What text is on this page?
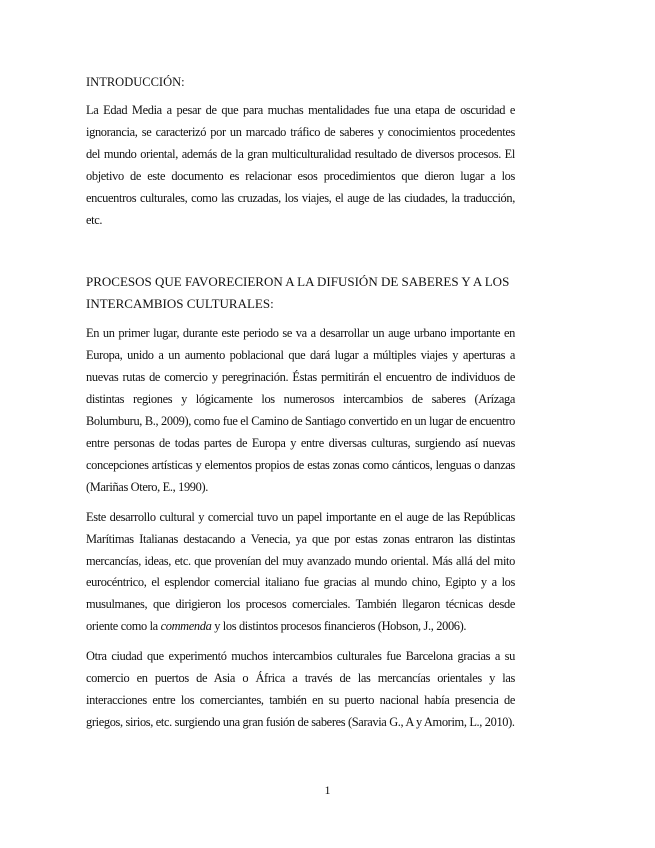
INTRODUCCIÓN:

La Edad Media a pesar de que para muchas mentalidades fue una etapa de oscuridad e ignorancia, se caracterizó por un marcado tráfico de saberes y conocimientos procedentes del mundo oriental, además de la gran multiculturalidad resultado de diversos procesos. El objetivo de este documento es relacionar esos procedimientos que dieron lugar a los encuentros culturales, como las cruzadas, los viajes, el auge de las ciudades, la traducción, etc.

PROCESOS QUE FAVORECIERON A LA DIFUSIÓN DE SABERES Y A LOS INTERCAMBIOS CULTURALES:

En un primer lugar, durante este periodo se va a desarrollar un auge urbano importante en Europa, unido a un aumento poblacional que dará lugar a múltiples viajes y aperturas a nuevas rutas de comercio y peregrinación. Éstas permitirán el encuentro de individuos de distintas regiones y lógicamente los numerosos intercambios de saberes (Arízaga Bolumburu, B., 2009), como fue el Camino de Santiago convertido en un lugar de encuentro entre personas de todas partes de Europa y entre diversas culturas, surgiendo así nuevas concepciones artísticas y elementos propios de estas zonas como cánticos, lenguas o danzas (Mariñas Otero, E., 1990).

Este desarrollo cultural y comercial tuvo un papel importante en el auge de las Repúblicas Marítimas Italianas destacando a Venecia, ya que por estas zonas entraron las distintas mercancías, ideas, etc. que provenían del muy avanzado mundo oriental. Más allá del mito eurocéntrico, el esplendor comercial italiano fue gracias al mundo chino, Egipto y a los musulmanes, que dirigieron los procesos comerciales. También llegaron técnicas desde oriente como la commenda y los distintos procesos financieros (Hobson, J., 2006).

Otra ciudad que experimentó muchos intercambios culturales fue Barcelona gracias a su comercio en puertos de Asia o África a través de las mercancías orientales y las interacciones entre los comerciantes, también en su puerto nacional había presencia de griegos, sirios, etc. surgiendo una gran fusión de saberes (Saravia G., A y Amorim, L., 2010).

1
